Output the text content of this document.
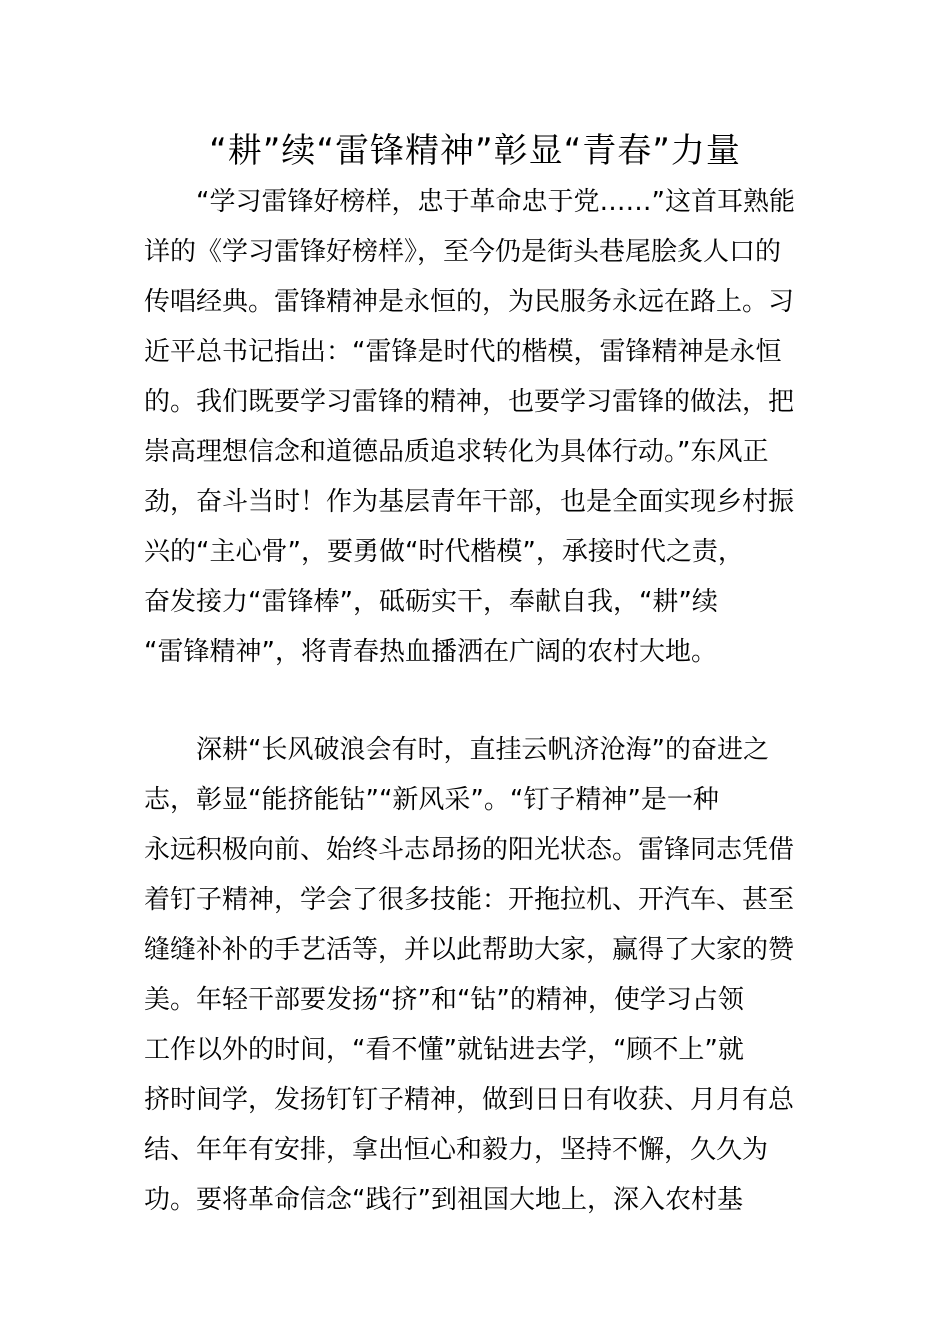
“耕”续“雷锋精神”彰显“青春”力量
“学习雷锋好榜样，忠于革命忠于党……”这首耳熟能
详的《学习雷锋好榜样》，至今仍是街头巷尾脍炙人口的
传唱经典。雷锋精神是永恒的，为民服务永远在路上。习
近平总书记指出：“雷锋是时代的楷模，雷锋精神是永恒
的。我们既要学习雷锋的精神，也要学习雷锋的做法，把
崇高理想信念和道德品质追求转化为具体行动。”东风正
劲，奋斗当时！作为基层青年干部，也是全面实现乡村振
兴的“主心骨”，要勇做“时代楷模”，承接时代之责，
奋发接力“雷锋棒”，砥砺实干，奉献自我，“耕”续
“雷锋精神”，将青春热血播洒在广阔的农村大地。
深耕“长风破浪会有时，直挂云帆济沧海”的奋进之
志，彰显“能挤能钻”“新风采”。“钉子精神”是一种
永远积极向前、始终斗志昂扬的阳光状态。雷锋同志凭借
着钉子精神，学会了很多技能：开拖拉机、开汽车、甚至
缝缝补补的手艺活等，并以此帮助大家，赢得了大家的赞
美。年轻干部要发扬“挤”和“钻”的精神，使学习占领
工作以外的时间，“看不懂”就钻进去学，“顾不上”就
挤时间学，发扬钉钉子精神，做到日日有收获、月月有总
结、年年有安排，拿出恒心和毅力，坚持不懈，久久为
功。要将革命信念“践行”到祖国大地上，深入农村基
